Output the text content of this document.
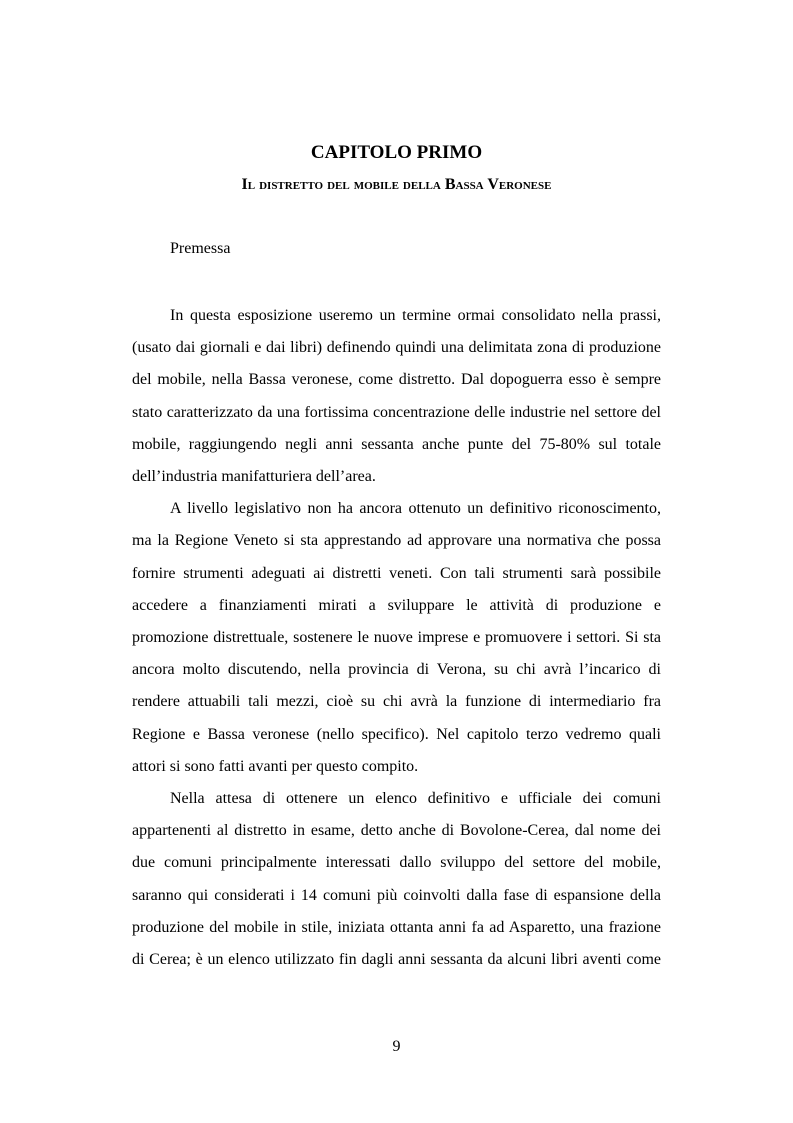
CAPITOLO PRIMO
Il distretto del mobile della Bassa Veronese
Premessa

In questa esposizione useremo un termine ormai consolidato nella prassi, (usato dai giornali e dai libri) definendo quindi una delimitata zona di produzione del mobile, nella Bassa veronese, come distretto. Dal dopoguerra esso è sempre stato caratterizzato da una fortissima concentrazione delle industrie nel settore del mobile, raggiungendo negli anni sessanta anche punte del 75-80% sul totale dell’industria manifatturiera dell’area.

A livello legislativo non ha ancora ottenuto un definitivo riconoscimento, ma la Regione Veneto si sta apprestando ad approvare una normativa che possa fornire strumenti adeguati ai distretti veneti. Con tali strumenti sarà possibile accedere a finanziamenti mirati a sviluppare le attività di produzione e promozione distrettuale, sostenere le nuove imprese e promuovere i settori. Si sta ancora molto discutendo, nella provincia di Verona, su chi avrà l’incarico di rendere attuabili tali mezzi, cioè su chi avrà la funzione di intermediario fra Regione e Bassa veronese (nello specifico). Nel capitolo terzo vedremo quali attori si sono fatti avanti per questo compito.

Nella attesa di ottenere un elenco definitivo e ufficiale dei comuni appartenenti al distretto in esame, detto anche di Bovolone-Cerea, dal nome dei due comuni principalmente interessati dallo sviluppo del settore del mobile, saranno qui considerati i 14 comuni più coinvolti dalla fase di espansione della produzione del mobile in stile, iniziata ottanta anni fa ad Asparetto, una frazione di Cerea; è un elenco utilizzato fin dagli anni sessanta da alcuni libri aventi come

9
